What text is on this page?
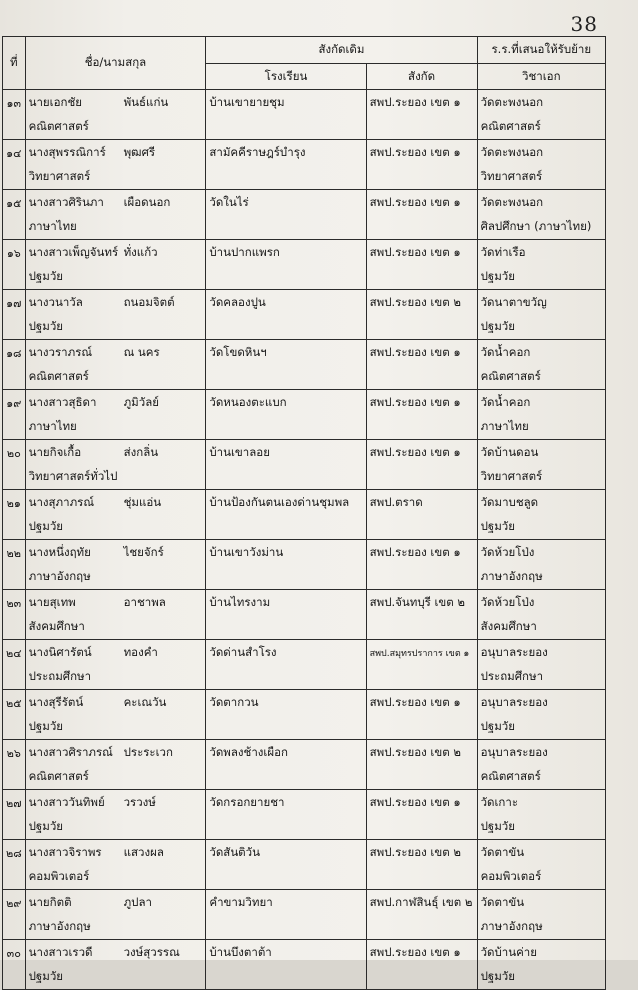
38
ที่	ชื่อ/นามสกุล	สังกัดเดิม		ร.ร.ที่เสนอให้รับย้าย
		โรงเรียน	สังกัด	วิชาเอก
๑๓	นายเอกชัย พันธ์แก่น	บ้านเขายายชุม	สพป.ระยอง เขต ๑	วัดตะพงนอก
	คณิตศาสตร์			คณิตศาสตร์
๑๔	นางสุพรรณิการ์ พุฒศรี	สามัคคีราษฎร์บำรุง	สพป.ระยอง เขต ๑	วัดตะพงนอก
	วิทยาศาสตร์			วิทยาศาสตร์
๑๕	นางสาวศิรินภา เผือดนอก	วัดในไร่	สพป.ระยอง เขต ๑	วัดตะพงนอก
	ภาษาไทย			ศิลปศึกษา (ภาษาไทย)
๑๖	นางสาวเพ็ญจันทร์ ทั่งแก้ว	บ้านปากแพรก	สพป.ระยอง เขต ๑	วัดท่าเรือ
	ปฐมวัย			ปฐมวัย
๑๗	นางวนาวัล ถนอมจิตต์	วัดคลองปูน	สพป.ระยอง เขต ๒	วัดนาตาขวัญ
	ปฐมวัย			ปฐมวัย
๑๘	นางวราภรณ์ ณ นคร	วัดโขดหินฯ	สพป.ระยอง เขต ๑	วัดน้ำคอก
	คณิตศาสตร์			คณิตศาสตร์
๑๙	นางสาวสุธิดา ภูมิวัลย์	วัดหนองตะแบก	สพป.ระยอง เขต ๑	วัดน้ำคอก
	ภาษาไทย			ภาษาไทย
๒๐	นายกิจเกื้อ ส่งกลิ่น	บ้านเขาลอย	สพป.ระยอง เขต ๑	วัดบ้านดอน
	วิทยาศาสตร์ทั่วไป			วิทยาศาสตร์
๒๑	นางสุภาภรณ์ ชุ่มแอ่น	บ้านป้องกันตนเองด่านชุมพล	สพป.ตราด	วัดมาบชลูด
	ปฐมวัย			ปฐมวัย
๒๒	นางหนึ่งฤทัย ไชยจักร์	บ้านเขาวังม่าน	สพป.ระยอง เขต ๑	วัดห้วยโป่ง
	ภาษาอังกฤษ			ภาษาอังกฤษ
๒๓	นายสุเทพ อาชาพล	บ้านไทรงาม	สพป.จันทบุรี เขต ๒	วัดห้วยโป่ง
	สังคมศึกษา			สังคมศึกษา
๒๔	นางนิศารัตน์ ทองคำ	วัดด่านสำโรง	สพป.สมุทรปราการ เขต ๑	อนุบาลระยอง
	ประถมศึกษา			ประถมศึกษา
๒๕	นางสุรีรัตน์ คะเณวัน	วัดตากวน	สพป.ระยอง เขต ๑	อนุบาลระยอง
	ปฐมวัย			ปฐมวัย
๒๖	นางสาวศิราภรณ์ ประระเวก	วัดพลงช้างเผือก	สพป.ระยอง เขต ๒	อนุบาลระยอง
	คณิตศาสตร์			คณิตศาสตร์
๒๗	นางสาววันทิพย์ วรวงษ์	วัดกรอกยายชา	สพป.ระยอง เขต ๑	วัดเกาะ
	ปฐมวัย			ปฐมวัย
๒๘	นางสาวจิราพร แสวงผล	วัดสันติวัน	สพป.ระยอง เขต ๒	วัดตาขัน
	คอมพิวเตอร์			คอมพิวเตอร์
๒๙	นายกิตติ ภูปลา	คำขามวิทยา	สพป.กาฬสินธุ์ เขต ๒	วัดตาขัน
	ภาษาอังกฤษ			ภาษาอังกฤษ
๓๐	นางสาวเรวดี วงษ์สุวรรณ	บ้านบึงตาต้า	สพป.ระยอง เขต ๑	วัดบ้านค่าย
	ปฐมวัย			ปฐมวัย
